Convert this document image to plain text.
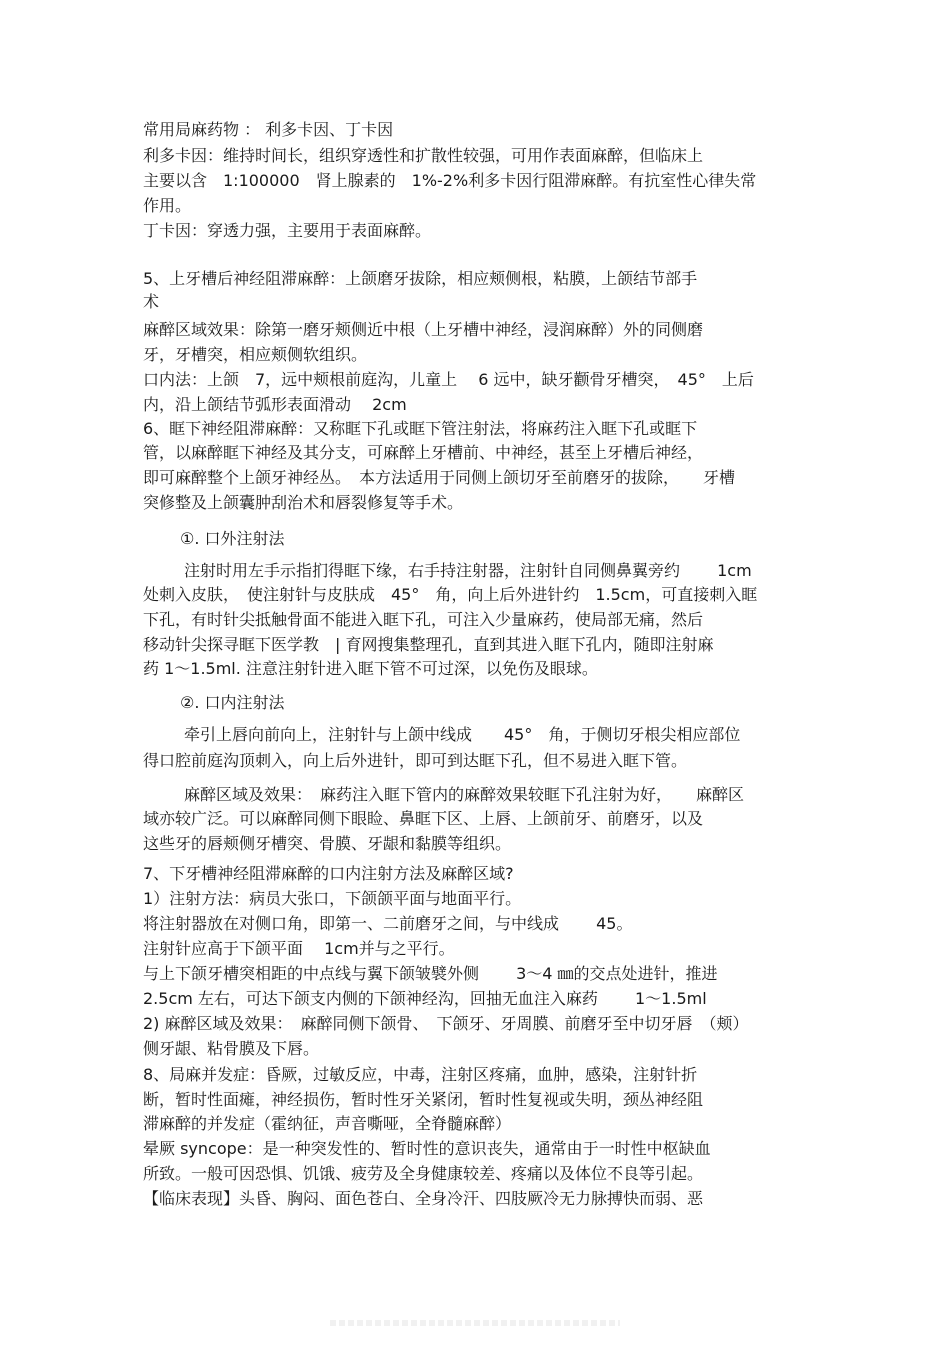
常用局麻药物 ： 利多卡因、丁卡因

利多卡因：维持时间长，组织穿透性和扩散性较强，可用作表面麻醉，但临床上

主要以含　1:100000　肾上腺素的　1%-2%利多卡因行阻滞麻醉。有抗室性心律失常

作用。

丁卡因：穿透力强，主要用于表面麻醉。

5、上牙槽后神经阻滞麻醉：上颌磨牙拔除，相应颊侧根，粘膜，上颌结节部手

术

麻醉区域效果：除第一磨牙颊侧近中根（上牙槽中神经，浸润麻醉）外的同侧磨

牙，牙槽突，相应颊侧软组织。

口内法：上颌　7，远中颊根前庭沟，儿童上　 6 远中，缺牙颧骨牙槽突，　45°　上后

内，沿上颌结节弧形表面滑动　 2cm

6、眶下神经阻滞麻醉：又称眶下孔或眶下管注射法，将麻药注入眶下孔或眶下

管，以麻醉眶下神经及其分支，可麻醉上牙槽前、中神经，甚至上牙槽后神经，

即可麻醉整个上颌牙神经丛。　本方法适用于同侧上颌切牙至前磨牙的拔除，　　牙槽

突修整及上颌囊肿刮治术和唇裂修复等手术。

①. 口外注射法

注射时用左手示指扪得眶下缘，右手持注射器，注射针自同侧鼻翼旁约　　 1cm

处刺入皮肤，　使注射针与皮肤成　45°　角，向上后外进针约　1.5cm，可直接刺入眶

下孔，有时针尖抵触骨面不能进入眶下孔，可注入少量麻药，使局部无痛，然后

移动针尖探寻眶下医学教　| 育网搜集整理孔，直到其进入眶下孔内，随即注射麻

药 1～1.5ml. 注意注射针进入眶下管不可过深，以免伤及眼球。

②. 口内注射法

牵引上唇向前向上，注射针与上颌中线成　　45°　角，于侧切牙根尖相应部位

得口腔前庭沟顶刺入，向上后外进针，即可到达眶下孔，但不易进入眶下管。

麻醉区域及效果：　麻药注入眶下管内的麻醉效果较眶下孔注射为好，　　麻醉区

域亦较广泛。可以麻醉同侧下眼睑、鼻眶下区、上唇、上颌前牙、前磨牙，以及

这些牙的唇颊侧牙槽突、骨膜、牙龈和黏膜等组织。

7、下牙槽神经阻滞麻醉的口内注射方法及麻醉区域?

1）注射方法：病员大张口，下颌颌平面与地面平行。

将注射器放在对侧口角，即第一、二前磨牙之间，与中线成　　 45。

注射针应高于下颌平面　 1cm并与之平行。

与上下颌牙槽突相距的中点线与翼下颌皱襞外侧　　 3～4 ㎜的交点处进针，推进

2.5cm 左右，可达下颌支内侧的下颌神经沟，回抽无血注入麻药　　 1～1.5ml

2) 麻醉区域及效果：　麻醉同侧下颌骨、　下颌牙、牙周膜、前磨牙至中切牙唇　（颊）

侧牙龈、粘骨膜及下唇。

8、局麻并发症：昏厥，过敏反应，中毒，注射区疼痛，血肿，感染，注射针折

断，暂时性面瘫，神经损伤，暂时性牙关紧闭，暂时性复视或失明，颈丛神经阻

滞麻醉的并发症（霍纳征，声音嘶哑，全脊髓麻醉）

晕厥 syncope：是一种突发性的、暂时性的意识丧失，通常由于一时性中枢缺血

所致。一般可因恐惧、饥饿、疲劳及全身健康较差、疼痛以及体位不良等引起。

【临床表现】头昏、胸闷、面色苍白、全身冷汗、四肢厥冷无力脉搏快而弱、恶
